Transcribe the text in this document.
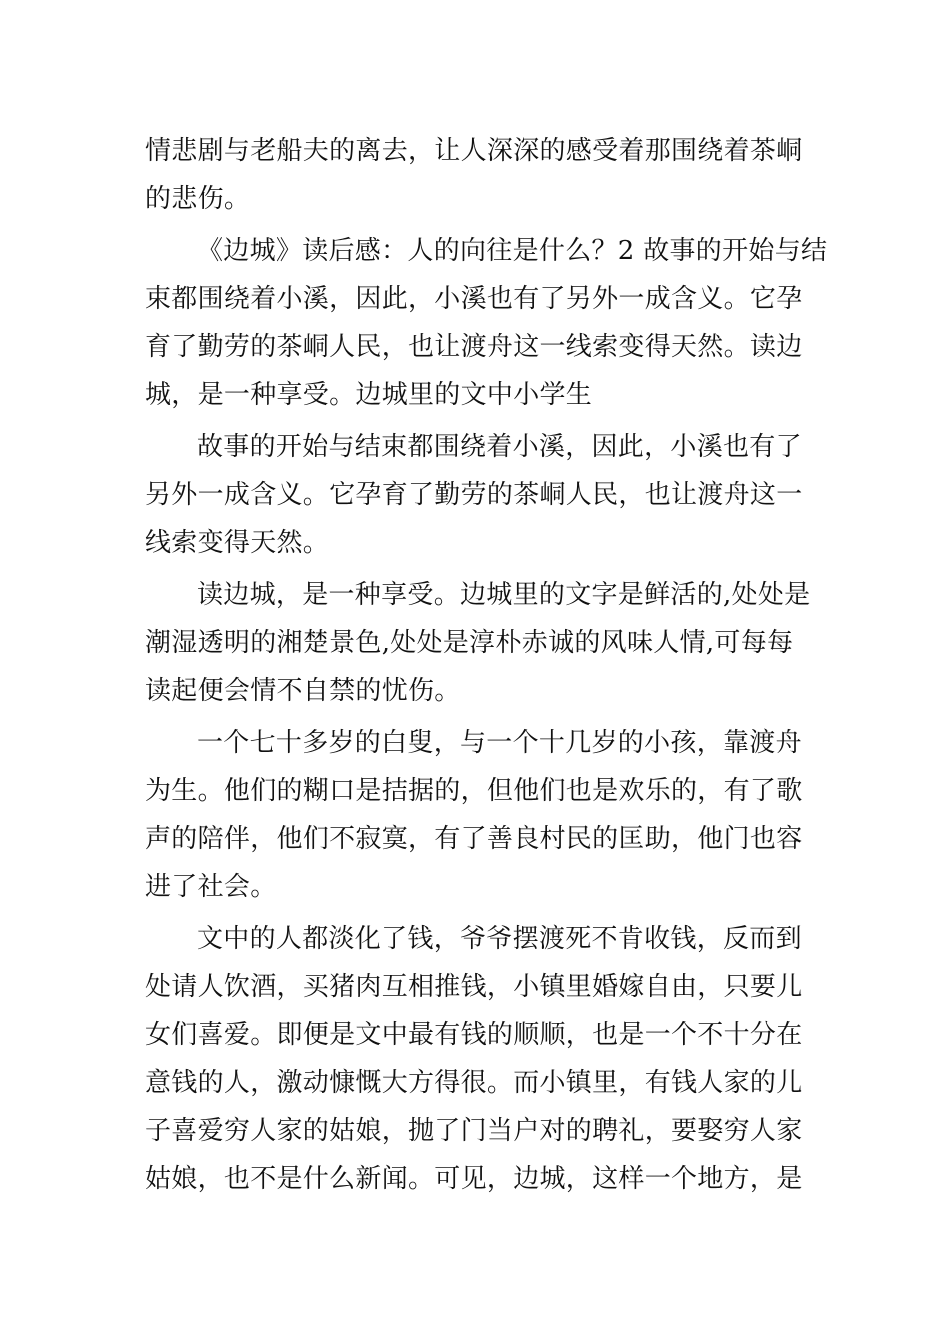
情悲剧与老船夫的离去，让人深深的感受着那围绕着茶峒
的悲伤。
《边城》读后感：人的向往是什么？2 故事的开始与结
束都围绕着小溪，因此，小溪也有了另外一成含义。它孕
育了勤劳的茶峒人民，也让渡舟这一线索变得天然。读边
城，是一种享受。边城里的文中小学生
故事的开始与结束都围绕着小溪，因此，小溪也有了
另外一成含义。它孕育了勤劳的茶峒人民，也让渡舟这一
线索变得天然。
读边城，是一种享受。边城里的文字是鲜活的,处处是
潮湿透明的湘楚景色,处处是淳朴赤诚的风味人情,可每每
读起便会情不自禁的忧伤。
一个七十多岁的白叟，与一个十几岁的小孩，靠渡舟
为生。他们的糊口是拮据的，但他们也是欢乐的，有了歌
声的陪伴，他们不寂寞，有了善良村民的匡助，他门也容
进了社会。
文中的人都淡化了钱，爷爷摆渡死不肯收钱，反而到
处请人饮酒，买猪肉互相推钱，小镇里婚嫁自由，只要儿
女们喜爱。即便是文中最有钱的顺顺，也是一个不十分在
意钱的人，激动慷慨大方得很。而小镇里，有钱人家的儿
子喜爱穷人家的姑娘，抛了门当户对的聘礼，要娶穷人家
姑娘，也不是什么新闻。可见，边城，这样一个地方，是
